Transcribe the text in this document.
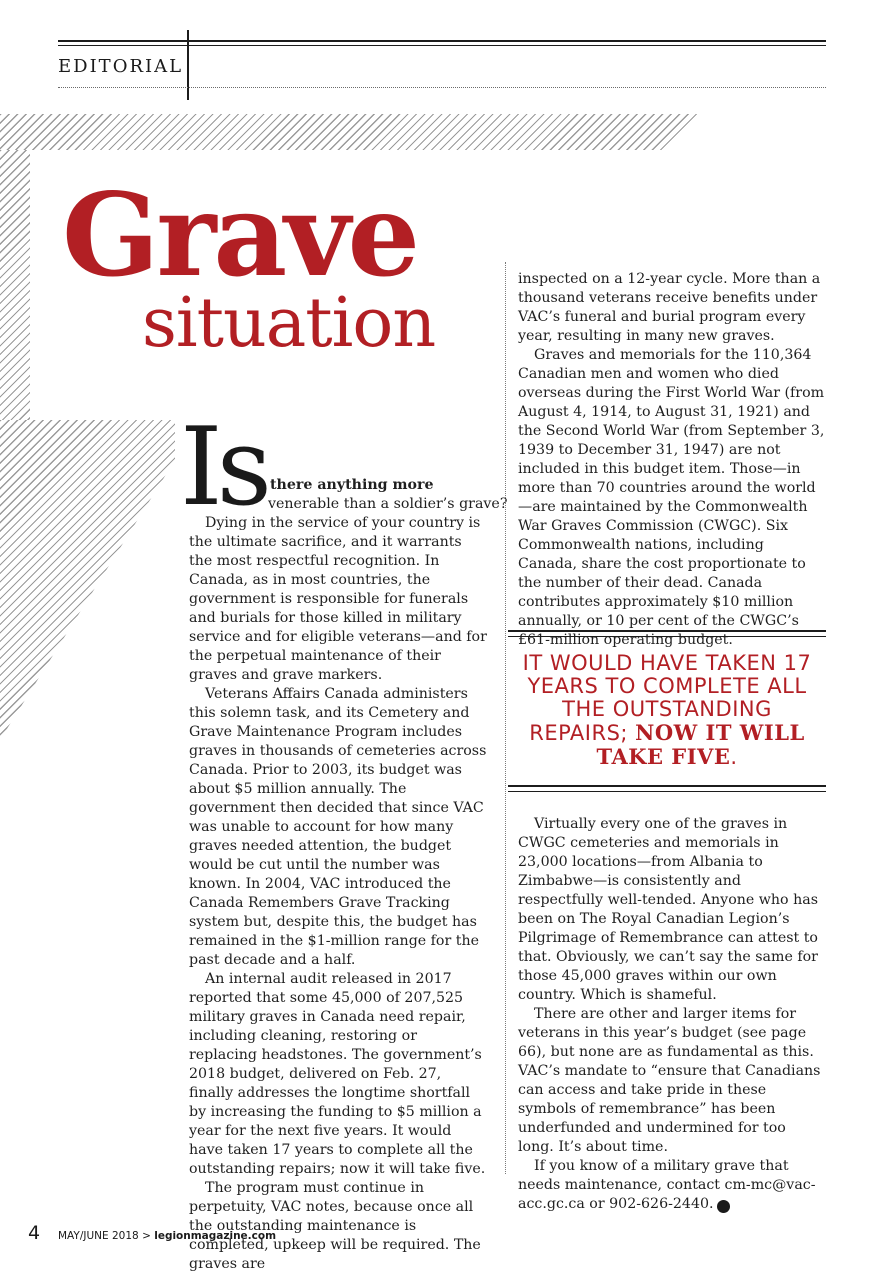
EDITORIAL
Grave
situation
Is there anything more
venerable than a soldier’s grave?

Dying in the service of your country is the ultimate sacrifice, and it warrants the most respectful recognition. In Canada, as in most countries, the government is responsible for funerals and burials for those killed in military service and for eligible veterans—and for the perpetual maintenance of their graves and grave markers.

Veterans Affairs Canada administers this solemn task, and its Cemetery and Grave Maintenance Program includes graves in thousands of cemeteries across Canada. Prior to 2003, its budget was about $5 million annually. The government then decided that since VAC was unable to account for how many graves needed attention, the budget would be cut until the number was known. In 2004, VAC introduced the Canada Remembers Grave Tracking system but, despite this, the budget has remained in the $1-million range for the past decade and a half.

An internal audit released in 2017 reported that some 45,000 of 207,525 military graves in Canada need repair, including cleaning, restoring or replacing headstones. The government’s 2018 budget, delivered on Feb. 27, finally addresses the longtime shortfall by increasing the funding to $5 million a year for the next five years. It would have taken 17 years to complete all the outstanding repairs; now it will take five.

The program must continue in perpetuity, VAC notes, because once all the outstanding maintenance is completed, upkeep will be required. The graves are

inspected on a 12-year cycle. More than a thousand veterans receive benefits under VAC’s funeral and burial program every year, resulting in many new graves.

Graves and memorials for the 110,364 Canadian men and women who died overseas during the First World War (from August 4, 1914, to August 31, 1921) and the Second World War (from September 3, 1939 to December 31, 1947) are not included in this budget item. Those—in more than 70 countries around the world—are maintained by the Commonwealth War Graves Commission (CWGC). Six Commonwealth nations, including Canada, share the cost proportionate to the number of their dead. Canada contributes approximately $10 million annually, or 10 per cent of the CWGC’s £61-million operating budget.

IT WOULD HAVE TAKEN 17 YEARS TO COMPLETE ALL THE OUTSTANDING REPAIRS; NOW IT WILL TAKE FIVE.

Virtually every one of the graves in CWGC cemeteries and memorials in 23,000 locations—from Albania to Zimbabwe—is consistently and respectfully well-tended. Anyone who has been on The Royal Canadian Legion’s Pilgrimage of Remembrance can attest to that. Obviously, we can’t say the same for those 45,000 graves within our own country. Which is shameful.

There are other and larger items for veterans in this year’s budget (see page 66), but none are as fundamental as this. VAC’s mandate to “ensure that Canadians can access and take pride in these symbols of remembrance” has been underfunded and undermined for too long. It’s about time.

If you know of a military grave that needs maintenance, contact cm-mc@vac-acc.gc.ca or 902-626-2440. L

4 MAY/JUNE 2018 > legionmagazine.com
